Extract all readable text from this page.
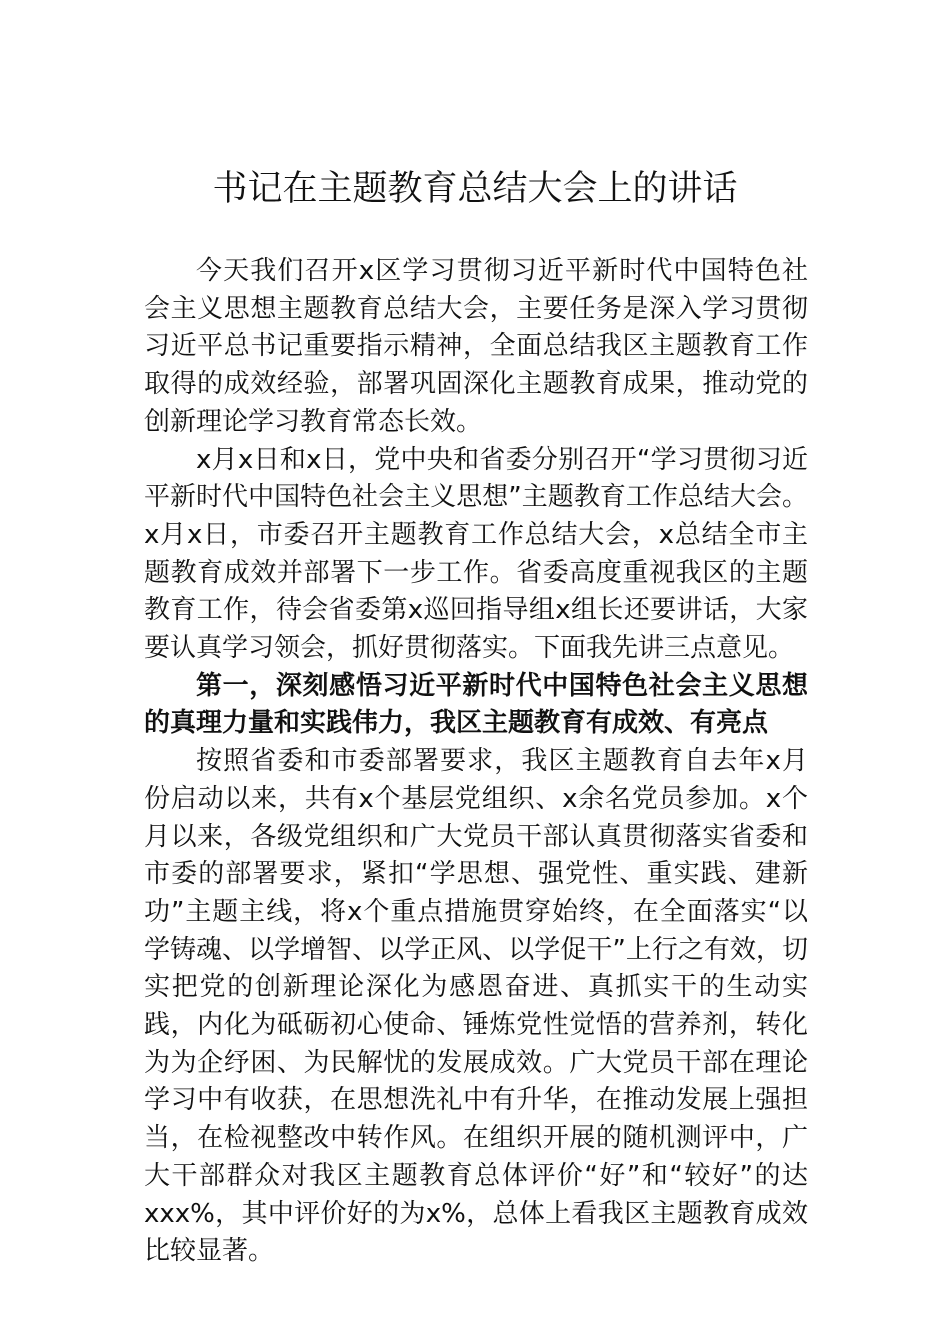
书记在主题教育总结大会上的讲话

今天我们召开x区学习贯彻习近平新时代中国特色社会主义思想主题教育总结大会，主要任务是深入学习贯彻习近平总书记重要指示精神，全面总结我区主题教育工作取得的成效经验，部署巩固深化主题教育成果，推动党的创新理论学习教育常态长效。

x月x日和x日，党中央和省委分别召开“学习贯彻习近平新时代中国特色社会主义思想”主题教育工作总结大会。x月x日，市委召开主题教育工作总结大会，x总结全市主题教育成效并部署下一步工作。省委高度重视我区的主题教育工作，待会省委第x巡回指导组x组长还要讲话，大家要认真学习领会，抓好贯彻落实。下面我先讲三点意见。

第一，深刻感悟习近平新时代中国特色社会主义思想的真理力量和实践伟力，我区主题教育有成效、有亮点

按照省委和市委部署要求，我区主题教育自去年x月份启动以来，共有x个基层党组织、x余名党员参加。x个月以来，各级党组织和广大党员干部认真贯彻落实省委和市委的部署要求，紧扣“学思想、强党性、重实践、建新功”主题主线，将x个重点措施贯穿始终，在全面落实“以学铸魂、以学增智、以学正风、以学促干”上行之有效，切实把党的创新理论深化为感恩奋进、真抓实干的生动实践，内化为砥砺初心使命、锤炼党性觉悟的营养剂，转化为为企纾困、为民解忧的发展成效。广大党员干部在理论学习中有收获，在思想洗礼中有升华，在推动发展上强担当，在检视整改中转作风。在组织开展的随机测评中，广大干部群众对我区主题教育总体评价“好”和“较好”的达xxx%，其中评价好的为x%，总体上看我区主题教育成效比较显著。
